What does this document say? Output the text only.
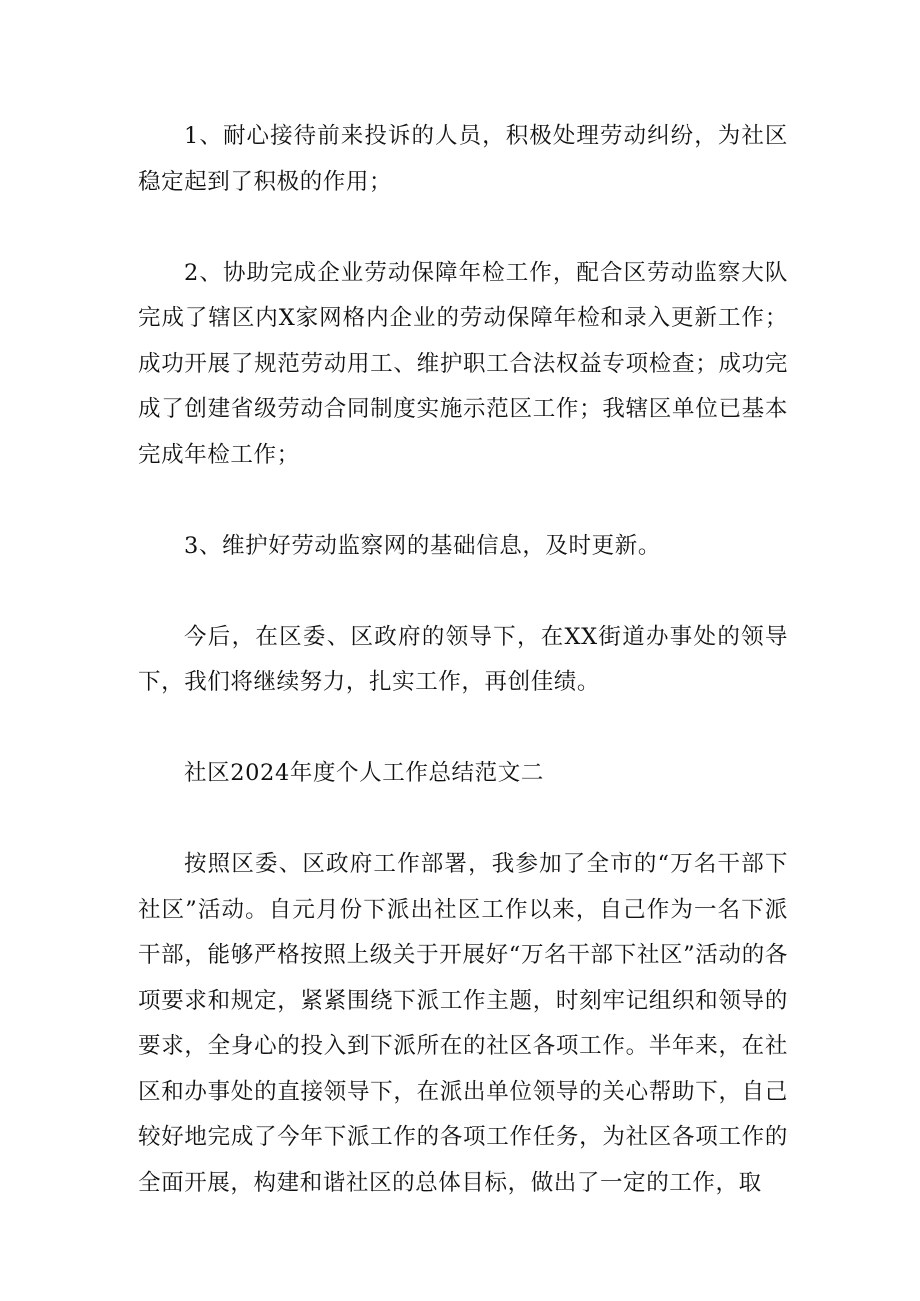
1、耐心接待前来投诉的人员，积极处理劳动纠纷，为社区稳定起到了积极的作用；

2、协助完成企业劳动保障年检工作，配合区劳动监察大队完成了辖区内X家网格内企业的劳动保障年检和录入更新工作；成功开展了规范劳动用工、维护职工合法权益专项检查；成功完成了创建省级劳动合同制度实施示范区工作；我辖区单位已基本完成年检工作；

3、维护好劳动监察网的基础信息，及时更新。

今后，在区委、区政府的领导下，在XX街道办事处的领导下，我们将继续努力，扎实工作，再创佳绩。

社区2024年度个人工作总结范文二

按照区委、区政府工作部署，我参加了全市的“万名干部下社区”活动。自元月份下派出社区工作以来，自己作为一名下派干部，能够严格按照上级关于开展好“万名干部下社区”活动的各项要求和规定，紧紧围绕下派工作主题，时刻牢记组织和领导的要求，全身心的投入到下派所在的社区各项工作。半年来，在社区和办事处的直接领导下，在派出单位领导的关心帮助下，自己较好地完成了今年下派工作的各项工作任务，为社区各项工作的全面开展，构建和谐社区的总体目标，做出了一定的工作，取
